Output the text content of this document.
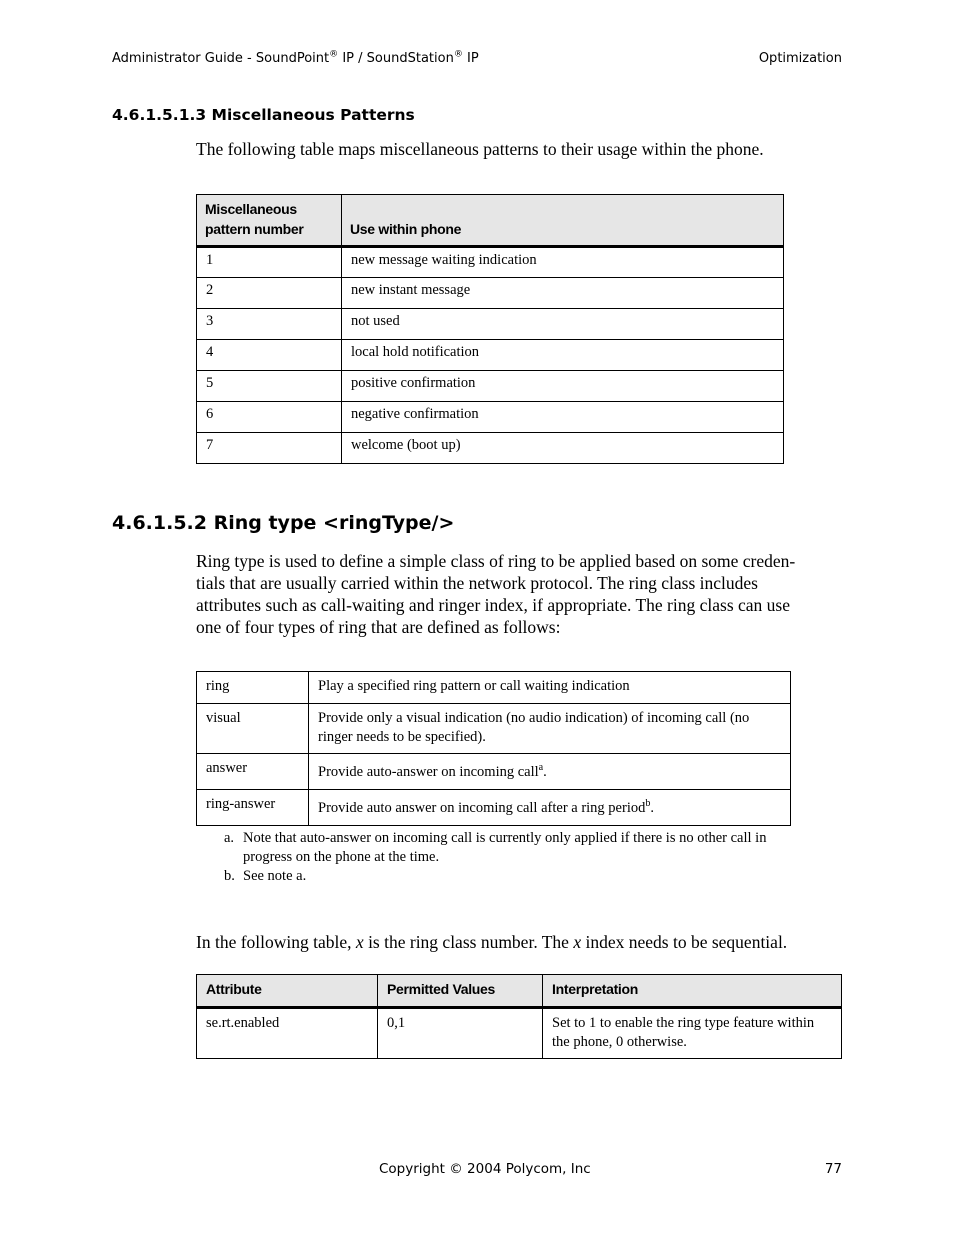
Administrator Guide - SoundPoint® IP / SoundStation® IP	Optimization
4.6.1.5.1.3 Miscellaneous Patterns
The following table maps miscellaneous patterns to their usage within the phone.
Miscellaneous pattern number	Use within phone
1	new message waiting indication
2	new instant message
3	not used
4	local hold notification
5	positive confirmation
6	negative confirmation
7	welcome (boot up)
4.6.1.5.2 Ring type <ringType/>
Ring type is used to define a simple class of ring to be applied based on some creden-
tials that are usually carried within the network protocol. The ring class includes
attributes such as call-waiting and ringer index, if appropriate. The ring class can use
one of four types of ring that are defined as follows:
ring	Play a specified ring pattern or call waiting indication
visual	Provide only a visual indication (no audio indication) of incoming call (no ringer needs to be specified).
answer	Provide auto-answer on incoming call$^a$.
ring-answer	Provide auto answer on incoming call after a ring period$^b$.
a. Note that auto-answer on incoming call is currently only applied if there is no other call in progress on the phone at the time.
b. See note a.
In the following table, x is the ring class number. The x index needs to be sequential.
Attribute	Permitted Values	Interpretation
se.rt.enabled	0,1	Set to 1 to enable the ring type feature within the phone, 0 otherwise.
Copyright © 2004 Polycom, Inc	77
